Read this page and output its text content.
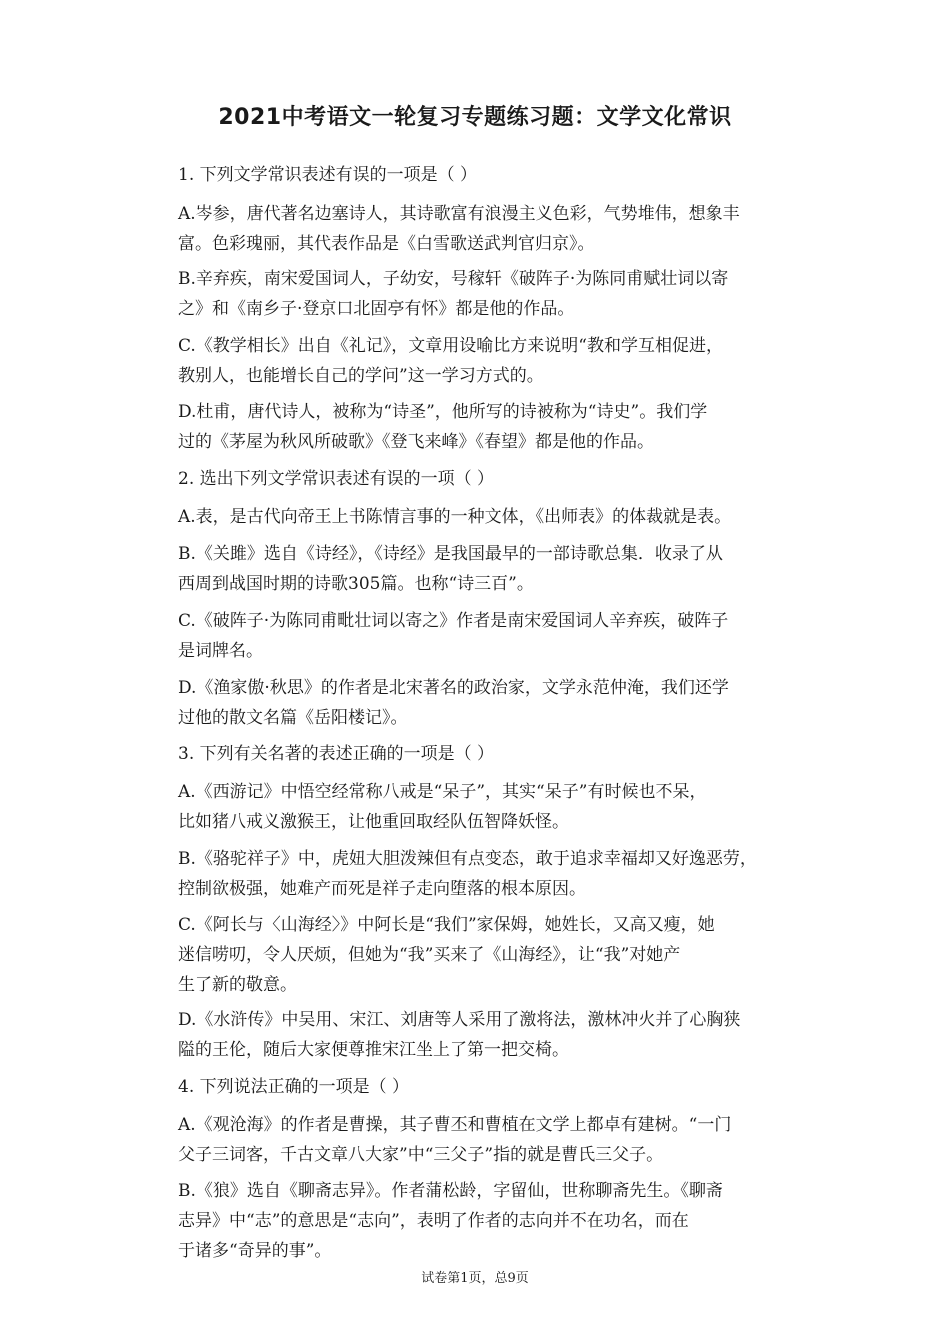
2021中考语文一轮复习专题练习题：文学文化常识
1. 下列文学常识表述有误的一项是（ ）
A.岑参，唐代著名边塞诗人，其诗歌富有浪漫主义色彩，气势堆伟，想象丰
富。色彩瑰丽，其代表作品是《白雪歌送武判官归京》。
B.辛弃疾，南宋爱国词人，子幼安，号稼轩《破阵子·为陈同甫赋壮词以寄
之》和《南乡子·登京口北固亭有怀》都是他的作品。
C.《教学相长》出自《礼记》，文章用设喻比方来说明“教和学互相促进，
教别人，也能增长自己的学问”这一学习方式的。
D.杜甫，唐代诗人，被称为“诗圣”，他所写的诗被称为“诗史”。我们学
过的《茅屋为秋风所破歌》《登飞来峰》《春望》都是他的作品。
2. 选出下列文学常识表述有误的一项（ ）
A.表，是古代向帝王上书陈情言事的一种文体，《出师表》的体裁就是表。
B.《关雎》选自《诗经》，《诗经》是我国最早的一部诗歌总集．收录了从
西周到战国时期的诗歌305篇。也称“诗三百”。
C.《破阵子·为陈同甫毗壮词以寄之》作者是南宋爱国词人辛弃疾，破阵子
是词牌名。
D.《渔家傲·秋思》的作者是北宋著名的政治家，文学永范仲淹，我们还学
过他的散文名篇《岳阳楼记》。
3. 下列有关名著的表述正确的一项是（ ）
A.《西游记》中悟空经常称八戒是“呆子”，其实“呆子”有时候也不呆，
比如猪八戒义激猴王，让他重回取经队伍智降妖怪。
B.《骆驼祥子》中，虎妞大胆泼辣但有点变态，敢于追求幸福却又好逸恶劳，
控制欲极强，她难产而死是祥子走向堕落的根本原因。
C.《阿长与〈山海经〉》中阿长是“我们”家保姆，她姓长，又高又瘦，她
迷信唠叨，令人厌烦，但她为“我”买来了《山海经》，让“我”对她产
生了新的敬意。
D.《水浒传》中吴用、宋江、刘唐等人采用了激将法，激林冲火并了心胸狭
隘的王伦，随后大家便尊推宋江坐上了第一把交椅。
4. 下列说法正确的一项是（ ）
A.《观沧海》的作者是曹操，其子曹丕和曹植在文学上都卓有建树。“一门
父子三词客，千古文章八大家”中“三父子”指的就是曹氏三父子。
B.《狼》选自《聊斋志异》。作者蒲松龄，字留仙，世称聊斋先生。《聊斋
志异》中“志”的意思是“志向”，表明了作者的志向并不在功名，而在
于诸多“奇异的事”。
试卷第1页，总9页
